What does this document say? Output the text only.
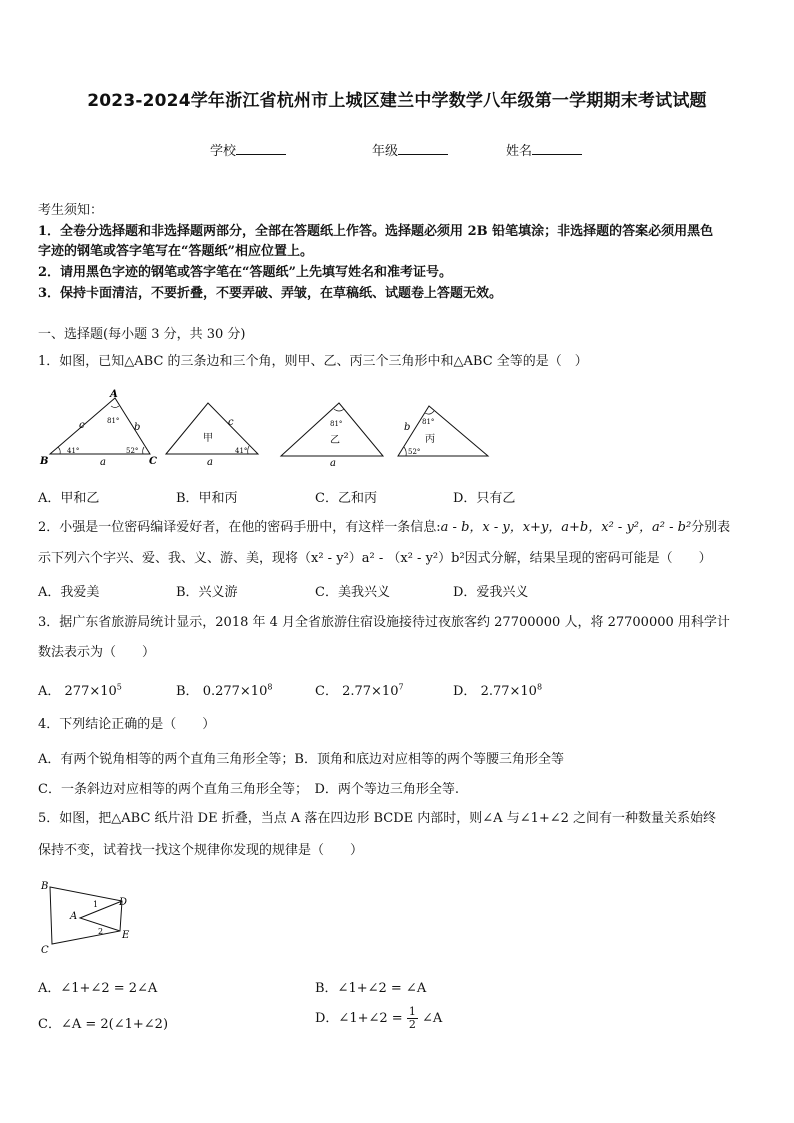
2023-2024学年浙江省杭州市上城区建兰中学数学八年级第一学期期末考试试题
学校	年级	姓名
考生须知：
1．全卷分选择题和非选择题两部分，全部在答题纸上作答。选择题必须用 2B 铅笔填涂；非选择题的答案必须用黑色
字迹的钢笔或答字笔写在“答题纸”相应位置上。
2．请用黑色字迹的钢笔或答字笔在“答题纸”上先填写姓名和准考证号。
3．保持卡面清洁，不要折叠，不要弄破、弄皱，在草稿纸、试题卷上答题无效。
一、选择题(每小题 3 分，共 30 分)
1．如图，已知△ABC 的三条边和三个角，则甲、乙、丙三个三角形中和△ABC 全等的是（　）
A
B	C
c	b
a
81°
41°	52°
甲
c
a
41°
乙
a
81°
丙
b 81°
52°
A．甲和乙	B．甲和丙	C．乙和丙	D．只有乙
2．小强是一位密码编译爱好者，在他的密码手册中，有这样一条信息:a - b，x - y，x+y，a+b，x² - y²，a² - b²分别表
示下列六个字兴、爱、我、义、游、美，现将（x² - y²）a² - （x² - y²）b²因式分解，结果呈现的密码可能是（　　）
A．我爱美	B．兴义游	C．美我兴义	D．爱我兴义
3．据广东省旅游局统计显示，2018 年 4 月全省旅游住宿设施接待过夜旅客约 27700000 人，将 27700000 用科学计
数法表示为（　　）
A． $277\times 10^5$	B． $0.277\times 10^8$	C． $2.77\times 10^7$	D． $2.77\times 10^8$
4．下列结论正确的是（　　）
A．有两个锐角相等的两个直角三角形全等；B．顶角和底边对应相等的两个等腰三角形全等
C．一条斜边对应相等的两个直角三角形全等；　D．两个等边三角形全等.
5．如图，把△ABC 纸片沿 DE 折叠，当点 A 落在四边形 BCDE 内部时，则∠A 与∠1+∠2 之间有一种数量关系始终
保持不变，试着找一找这个规律你发现的规律是（　　）
B
C
D
E
A
1
2
A．∠1+∠2 = 2∠A	B．∠1+∠2 = ∠A
C．∠A = 2(∠1+∠2)	D．∠1+∠2 = $\frac{1}{2}$ ∠A
